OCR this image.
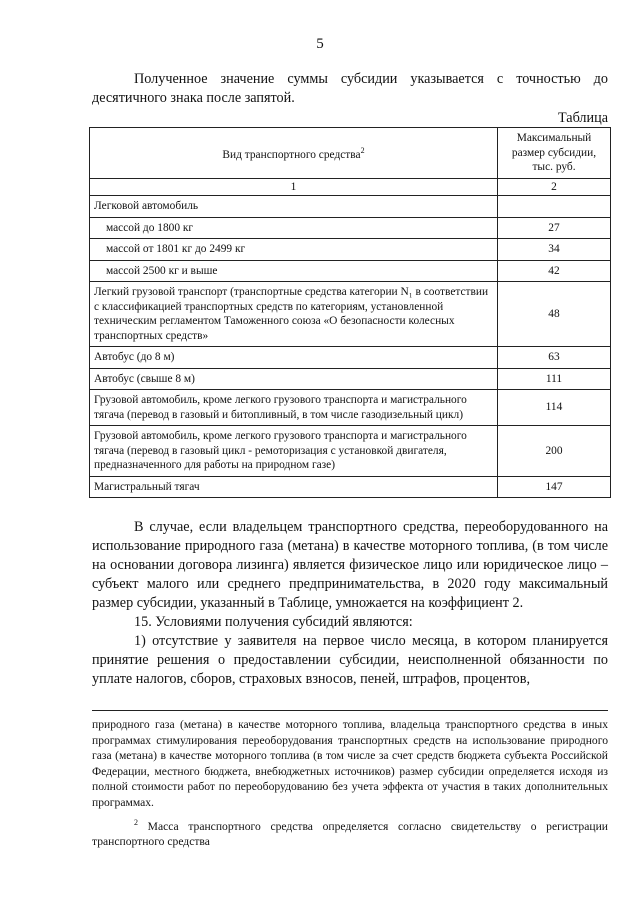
5
Полученное значение суммы субсидии указывается с точностью до десятичного знака после запятой.
Таблица
Вид транспортного средства$^2$	Максимальный размер субсидии, тыс. руб.
1	2
Легковой автомобиль	
массой до 1800 кг	27
массой от 1801 кг до 2499 кг	34
массой 2500 кг и выше	42
Легкий грузовой транспорт (транспортные средства категории N₁ в соответствии с классификацией транспортных средств по категориям, установленной техническим регламентом Таможенного союза «О безопасности колесных транспортных средств»	48
Автобус (до 8 м)	63
Автобус (свыше 8 м)	111
Грузовой автомобиль, кроме легкого грузового транспорта и магистрального тягача (перевод в газовый и битопливный, в том числе газодизельный цикл)	114
Грузовой автомобиль, кроме легкого грузового транспорта и магистрального тягача (перевод в газовый цикл - ремоторизация с установкой двигателя, предназначенного для работы на природном газе)	200
Магистральный тягач	147
В случае, если владельцем транспортного средства, переоборудованного на использование природного газа (метана) в качестве моторного топлива, (в том числе на основании договора лизинга) является физическое лицо или юридическое лицо – субъект малого или среднего предпринимательства, в 2020 году максимальный размер субсидии, указанный в Таблице, умножается на коэффициент 2.
15. Условиями получения субсидий являются:
1) отсутствие у заявителя на первое число месяца, в котором планируется принятие решения о предоставлении субсидии, неисполненной обязанности по уплате налогов, сборов, страховых взносов, пеней, штрафов, процентов,
природного газа (метана) в качестве моторного топлива, владельца транспортного средства в иных программах стимулирования переоборудования транспортных средств на использование природного газа (метана) в качестве моторного топлива (в том числе за счет средств бюджета субъекта Российской Федерации, местного бюджета, внебюджетных источников) размер субсидии определяется исходя из полной стоимости работ по переоборудованию без учета эффекта от участия в таких дополнительных программах.
$^2$ Масса транспортного средства определяется согласно свидетельству о регистрации транспортного средства
